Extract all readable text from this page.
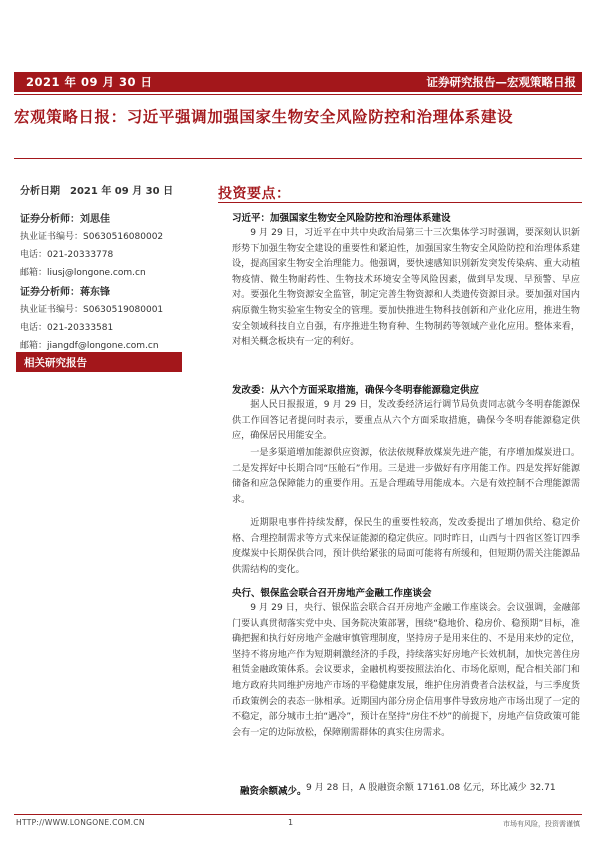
2021 年 09 月 30 日	证券研究报告—宏观策略日报
宏观策略日报：习近平强调加强国家生物安全风险防控和治理体系建设
分析日期　2021 年 09 月 30 日
证券分析师：刘思佳
执业证书编号：S0630516080002
电话：021-20333778
邮箱：liusj@longone.com.cn
证券分析师：蒋东锋
执业证书编号：S0630519080001
电话：021-20333581
邮箱：jiangdf@longone.com.cn
相关研究报告
投资要点：
习近平：加强国家生物安全风险防控和治理体系建设
9 月 29 日，习近平在中共中央政治局第三十三次集体学习时强调，要深刻认识新形势下加强生物安全建设的重要性和紧迫性，加强国家生物安全风险防控和治理体系建设，提高国家生物安全治理能力。他强调，要快速感知识别新发突发传染病、重大动植物疫情、微生物耐药性、生物技术环境安全等风险因素，做到早发现、早预警、早应对。要强化生物资源安全监管，制定完善生物资源和人类遗传资源目录。要加强对国内病原微生物实验室生物安全的管理。要加快推进生物科技创新和产业化应用，推进生物安全领域科技自立自强，有序推进生物育种、生物制药等领域产业化应用。整体来看，对相关概念板块有一定的利好。
发改委：从六个方面采取措施，确保今冬明春能源稳定供应
据人民日报报道，9 月 29 日，发改委经济运行调节局负责同志就今冬明春能源保供工作回答记者提问时表示，要重点从六个方面采取措施，确保今冬明春能源稳定供应，确保居民用能安全。
一是多渠道增加能源供应资源，依法依规释放煤炭先进产能，有序增加煤炭进口。二是发挥好中长期合同“压舱石”作用。三是进一步做好有序用能工作。四是发挥好能源储备和应急保障能力的重要作用。五是合理疏导用能成本。六是有效控制不合理能源需求。
近期限电事件持续发酵，保民生的重要性较高，发改委提出了增加供给、稳定价格、合理控制需求等方式来保证能源的稳定供应。同时昨日，山西与十四省区签订四季度煤炭中长期保供合同，预计供给紧张的局面可能将有所缓和，但短期仍需关注能源品供需结构的变化。
央行、银保监会联合召开房地产金融工作座谈会
9 月 29 日，央行、银保监会联合召开房地产金融工作座谈会。会议强调，金融部门要认真贯彻落实党中央、国务院决策部署，围绕“稳地价、稳房价、稳预期”目标，准确把握和执行好房地产金融审慎管理制度，坚持房子是用来住的、不是用来炒的定位，坚持不将房地产作为短期刺激经济的手段，持续落实好房地产长效机制，加快完善住房租赁金融政策体系。会议要求，金融机构要按照法治化、市场化原则，配合相关部门和地方政府共同维护房地产市场的平稳健康发展，维护住房消费者合法权益，与三季度货币政策例会的表态一脉相承。近期国内部分房企信用事件导致房地产市场出现了一定的不稳定，部分城市土拍“遇冷”，预计在坚持“房住不炒”的前提下，房地产信贷政策可能会有一定的边际放松，保障刚需群体的真实住房需求。
融资余额减少。 9 月 28 日，A 股融资余额 17161.08 亿元，环比减少 32.71
HTTP://WWW.LONGONE.COM.CN	1	市场有风险，投资需谨慎
